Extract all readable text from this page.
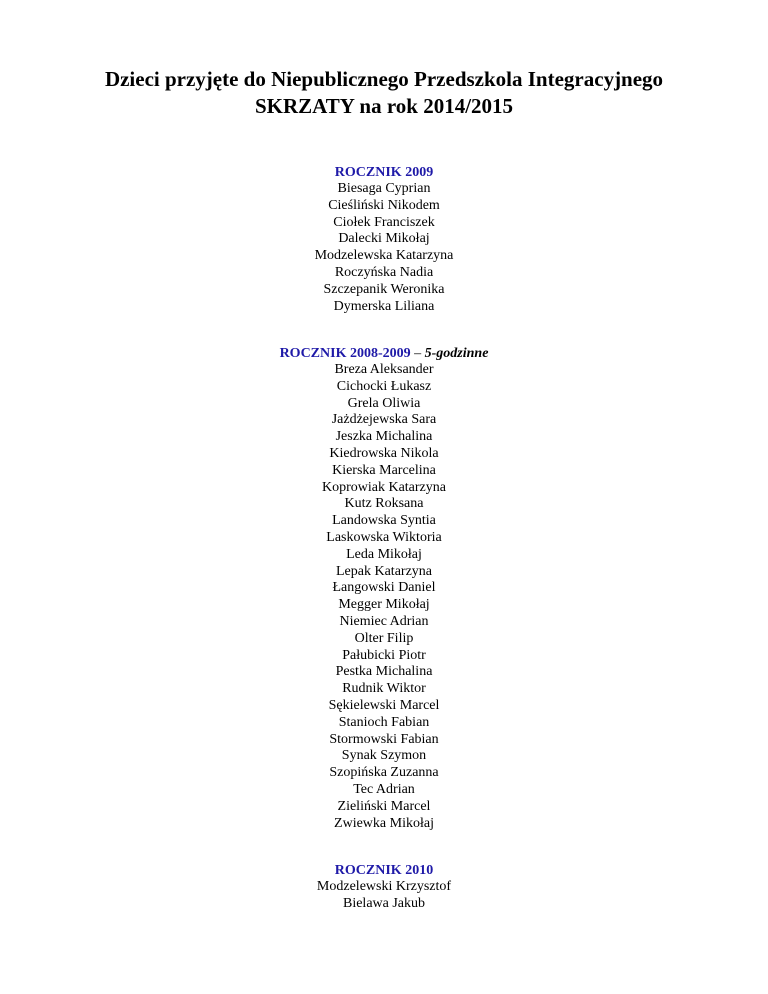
Dzieci przyjęte do Niepublicznego Przedszkola Integracyjnego
SKRZATY na rok 2014/2015
ROCZNIK 2009
Biesaga Cyprian
Cieśliński Nikodem
Ciołek Franciszek
Dalecki Mikołaj
Modzelewska Katarzyna
Roczyńska Nadia
Szczepanik Weronika
Dymerska Liliana
ROCZNIK 2008-2009 – 5-godzinne
Breza Aleksander
Cichocki Łukasz
Grela Oliwia
Jażdżejewska Sara
Jeszka Michalina
Kiedrowska Nikola
Kierska Marcelina
Koprowiak Katarzyna
Kutz Roksana
Landowska Syntia
Laskowska Wiktoria
Leda Mikołaj
Lepak Katarzyna
Łangowski Daniel
Megger Mikołaj
Niemiec Adrian
Olter Filip
Pałubicki Piotr
Pestka Michalina
Rudnik Wiktor
Sękielewski Marcel
Stanioch Fabian
Stormowski Fabian
Synak Szymon
Szopińska Zuzanna
Tec Adrian
Zieliński Marcel
Zwiewka Mikołaj
ROCZNIK 2010
Modzelewski Krzysztof
Bielawa Jakub
